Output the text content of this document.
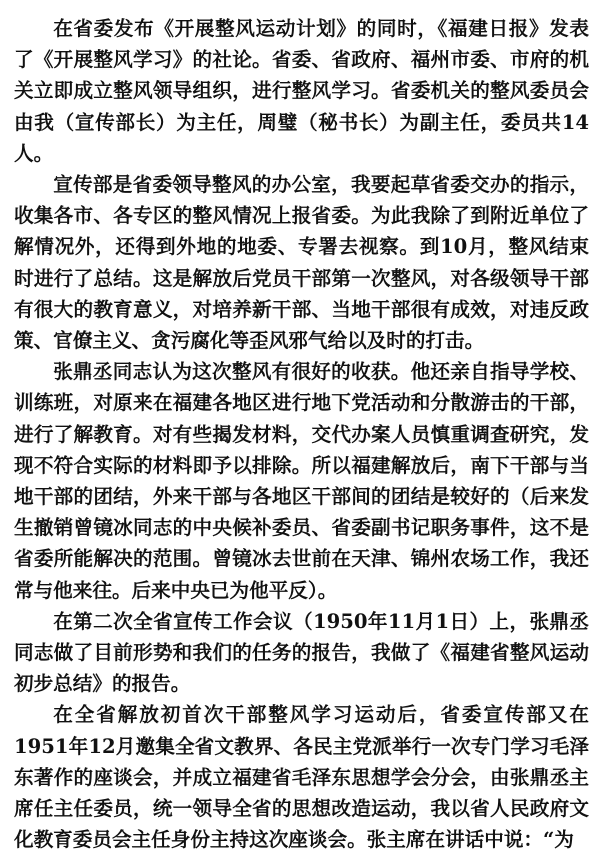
在省委发布《开展整风运动计划》的同时，《福建日报》发表了《开展整风学习》的社论。省委、省政府、福州市委、市府的机关立即成立整风领导组织，进行整风学习。省委机关的整风委员会由我（宣传部长）为主任，周璧（秘书长）为副主任，委员共14人。

宣传部是省委领导整风的办公室，我要起草省委交办的指示，收集各市、各专区的整风情况上报省委。为此我除了到附近单位了解情况外，还得到外地的地委、专署去视察。到10月，整风结束时进行了总结。这是解放后党员干部第一次整风，对各级领导干部有很大的教育意义，对培养新干部、当地干部很有成效，对违反政策、官僚主义、贪污腐化等歪风邪气给以及时的打击。

张鼎丞同志认为这次整风有很好的收获。他还亲自指导学校、训练班，对原来在福建各地区进行地下党活动和分散游击的干部，进行了解教育。对有些揭发材料，交代办案人员慎重调查研究，发现不符合实际的材料即予以排除。所以福建解放后，南下干部与当地干部的团结，外来干部与各地区干部间的团结是较好的（后来发生撤销曾镜冰同志的中央候补委员、省委副书记职务事件，这不是省委所能解决的范围。曾镜冰去世前在天津、锦州农场工作，我还常与他来往。后来中央已为他平反）。

在第二次全省宣传工作会议（1950年11月1日）上，张鼎丞同志做了目前形势和我们的任务的报告，我做了《福建省整风运动初步总结》的报告。

在全省解放初首次干部整风学习运动后，省委宣传部又在1951年12月邀集全省文教界、各民主党派举行一次专门学习毛泽东著作的座谈会，并成立福建省毛泽东思想学会分会，由张鼎丞主席任主任委员，统一领导全省的思想改造运动，我以省人民政府文化教育委员会主任身份主持这次座谈会。张主席在讲话中说：“为
